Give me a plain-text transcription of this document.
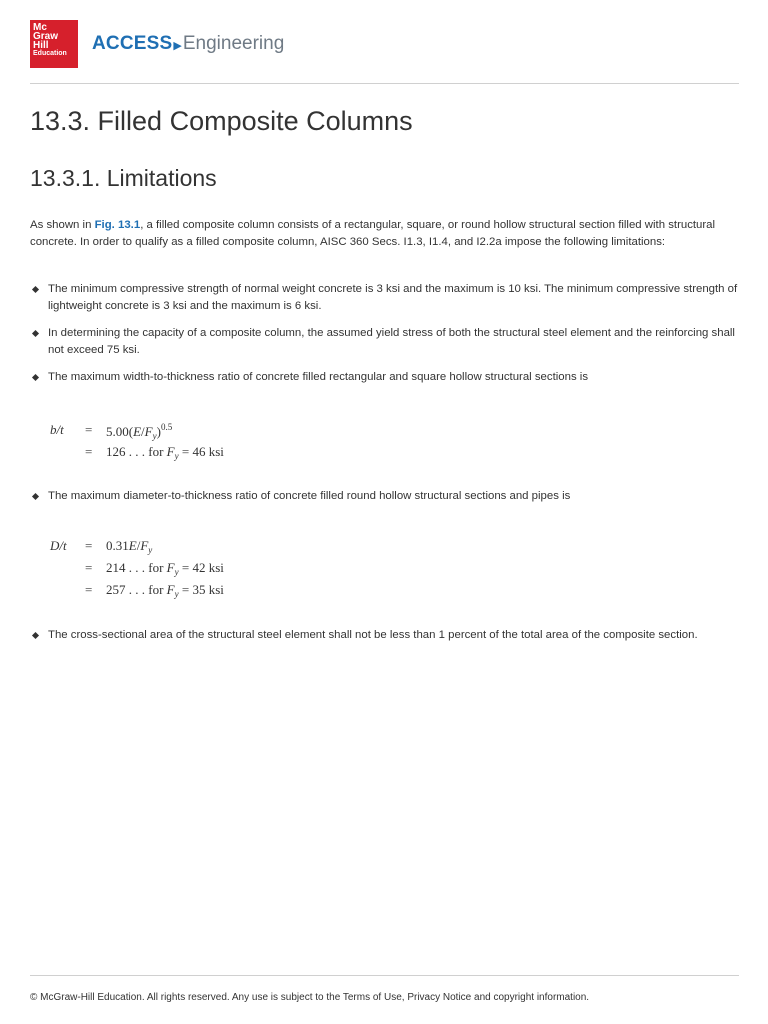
Mc
Graw
Hill
Education	ACCESS▶Engineering
13.3. Filled Composite Columns
13.3.1. Limitations

As shown in Fig. 13.1, a filled composite column consists of a rectangular, square, or round hollow structural section filled with structural concrete. In order to qualify as a filled composite column, AISC 360 Secs. I1.3, I1.4, and I2.2a impose the following limitations:

The minimum compressive strength of normal weight concrete is 3 ksi and the maximum is 10 ksi. The minimum compressive strength of lightweight concrete is 3 ksi and the maximum is 6 ksi.
In determining the capacity of a composite column, the assumed yield stress of both the structural steel element and the reinforcing shall not exceed 75 ksi.
The maximum width-to-thickness ratio of concrete filled rectangular and square hollow structural sections is
$b/t = 5.00(E/F_y)^{0.5}$
= 126 . . . for $F_y = 46$ ksi
The maximum diameter-to-thickness ratio of concrete filled round hollow structural sections and pipes is
$D/t = 0.31E/F_y$
= 214 . . . for $F_y = 42$ ksi
= 257 . . . for $F_y = 35$ ksi
The cross-sectional area of the structural steel element shall not be less than 1 percent of the total area of the composite section.
© McGraw-Hill Education. All rights reserved. Any use is subject to the Terms of Use, Privacy Notice and copyright information.
